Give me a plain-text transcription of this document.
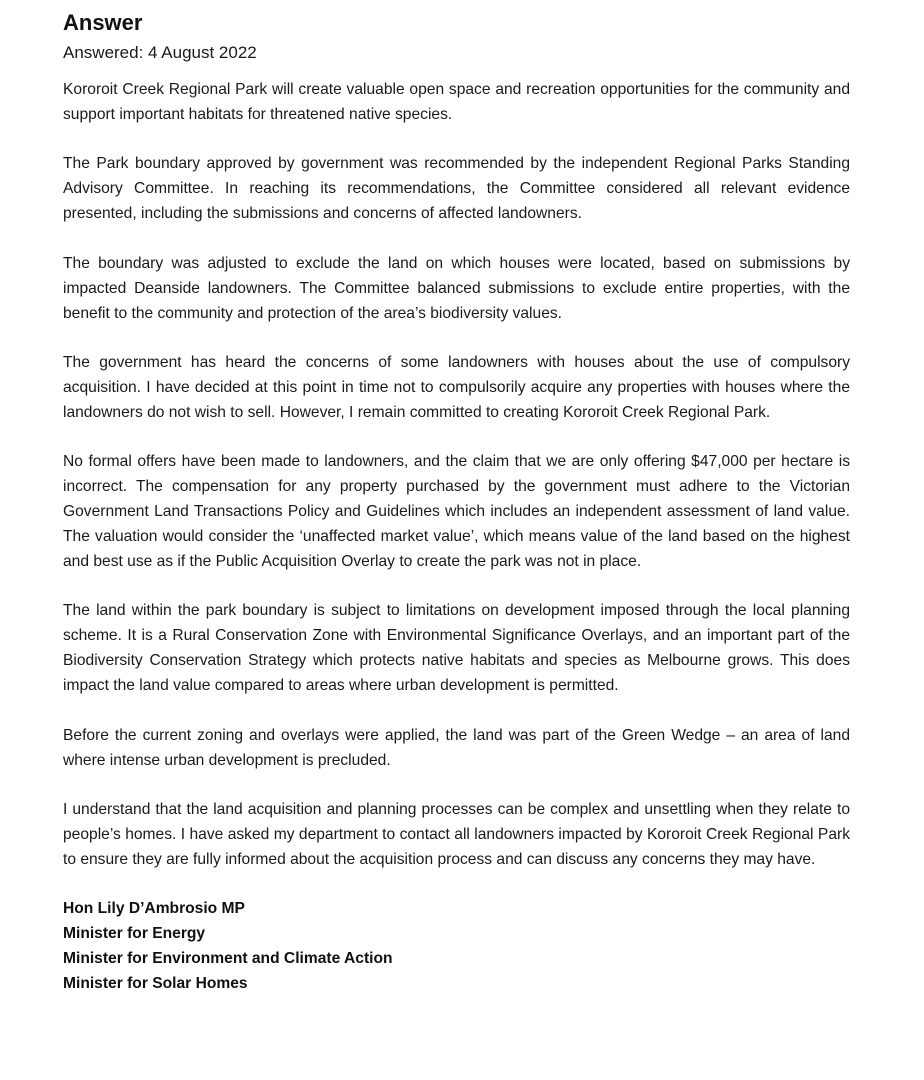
Answer

Answered: 4 August 2022

Kororoit Creek Regional Park will create valuable open space and recreation opportunities for the community and support important habitats for threatened native species.

The Park boundary approved by government was recommended by the independent Regional Parks Standing Advisory Committee. In reaching its recommendations, the Committee considered all relevant evidence presented, including the submissions and concerns of affected landowners.

The boundary was adjusted to exclude the land on which houses were located, based on submissions by impacted Deanside landowners. The Committee balanced submissions to exclude entire properties, with the benefit to the community and protection of the area’s biodiversity values.

The government has heard the concerns of some landowners with houses about the use of compulsory acquisition. I have decided at this point in time not to compulsorily acquire any properties with houses where the landowners do not wish to sell. However, I remain committed to creating Kororoit Creek Regional Park.

No formal offers have been made to landowners, and the claim that we are only offering $47,000 per hectare is incorrect. The compensation for any property purchased by the government must adhere to the Victorian Government Land Transactions Policy and Guidelines which includes an independent assessment of land value. The valuation would consider the ‘unaffected market value’, which means value of the land based on the highest and best use as if the Public Acquisition Overlay to create the park was not in place.

The land within the park boundary is subject to limitations on development imposed through the local planning scheme. It is a Rural Conservation Zone with Environmental Significance Overlays, and an important part of the Biodiversity Conservation Strategy which protects native habitats and species as Melbourne grows. This does impact the land value compared to areas where urban development is permitted.

Before the current zoning and overlays were applied, the land was part of the Green Wedge – an area of land where intense urban development is precluded.

I understand that the land acquisition and planning processes can be complex and unsettling when they relate to people’s homes. I have asked my department to contact all landowners impacted by Kororoit Creek Regional Park to ensure they are fully informed about the acquisition process and can discuss any concerns they may have.

Hon Lily D’Ambrosio MP

Minister for Energy

Minister for Environment and Climate Action

Minister for Solar Homes
